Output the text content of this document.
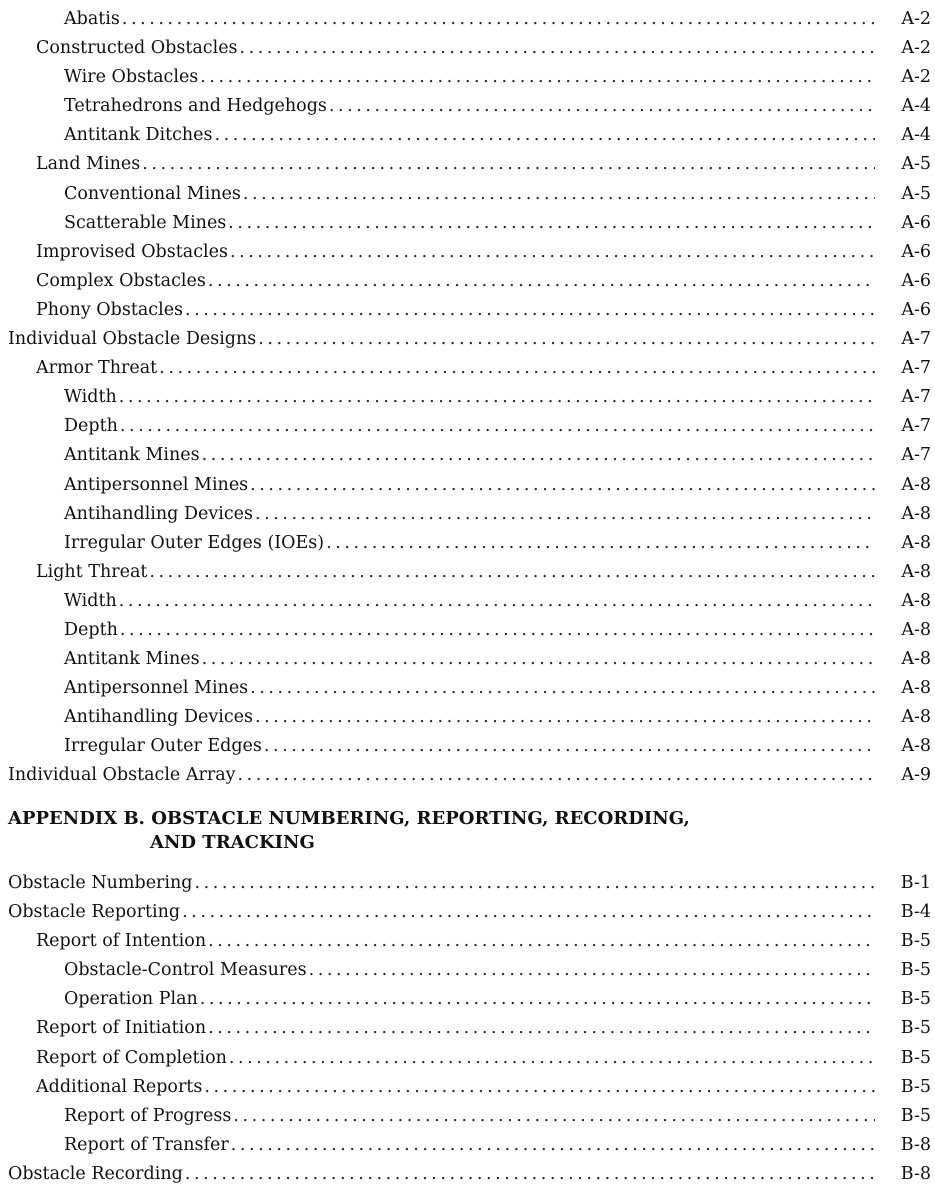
Abatis . . .	A-2
Constructed Obstacles . . .	A-2
Wire Obstacles . . .	A-2
Tetrahedrons and Hedgehogs . . .	A-4
Antitank Ditches . . .	A-4
Land Mines . . .	A-5
Conventional Mines . . .	A-5
Scatterable Mines . . .	A-6
Improvised Obstacles . . .	A-6
Complex Obstacles . . .	A-6
Phony Obstacles . . .	A-6
Individual Obstacle Designs . . .	A-7
Armor Threat . . .	A-7
Width . . .	A-7
Depth . . .	A-7
Antitank Mines . . .	A-7
Antipersonnel Mines . . .	A-8
Antihandling Devices . . .	A-8
Irregular Outer Edges (IOEs) . . .	A-8
Light Threat . . .	A-8
Width . . .	A-8
Depth . . .	A-8
Antitank Mines . . .	A-8
Antipersonnel Mines . . .	A-8
Antihandling Devices . . .	A-8
Irregular Outer Edges . . .	A-8
Individual Obstacle Array . . .	A-9
APPENDIX B. OBSTACLE NUMBERING, REPORTING, RECORDING,
AND TRACKING
Obstacle Numbering . . .	B-1
Obstacle Reporting . . .	B-4
Report of Intention . . .	B-5
Obstacle-Control Measures . . .	B-5
Operation Plan . . .	B-5
Report of Initiation . . .	B-5
Report of Completion . . .	B-5
Additional Reports . . .	B-5
Report of Progress . . .	B-5
Report of Transfer . . .	B-8
Obstacle Recording . . .	B-8
